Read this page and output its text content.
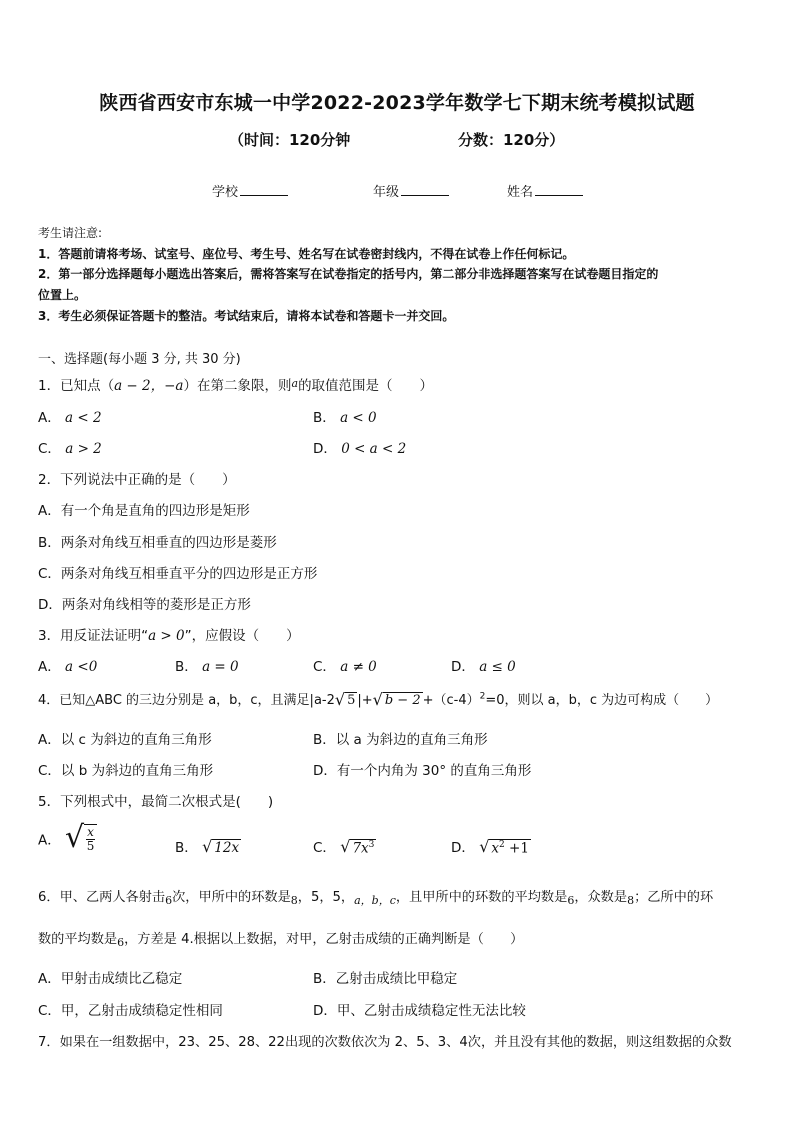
陕西省西安市东城一中学2022-2023学年数学七下期末统考模拟试题
（时间：120分钟	分数：120分）
学校	年级	姓名
考生请注意:
1．答题前请将考场、试室号、座位号、考生号、姓名写在试卷密封线内，不得在试卷上作任何标记。
2．第一部分选择题每小题选出答案后，需将答案写在试卷指定的括号内，第二部分非选择题答案写在试卷题目指定的
位置上。
3．考生必须保证答题卡的整洁。考试结束后，请将本试卷和答题卡一并交回。
一、选择题(每小题 3 分, 共 30 分)
1．已知点（a − 2，−a）在第二象限，则$^a$的取值范围是（　　）
A． a < 2	B． a < 0
C． a > 2	D． 0 < a < 2
2．下列说法中正确的是（　　）
A．有一个角是直角的四边形是矩形
B．两条对角线互相垂直的四边形是菱形
C．两条对角线互相垂直平分的四边形是正方形
D．两条对角线相等的菱形是正方形
3．用反证法证明“a > 0”，应假设（　　）
A． a <0	B． a = 0	C． a ≠ 0	D． a ≤ 0
4．已知△ABC 的三边分别是 a，b，c，且满足|a-2 √ 5 |+ √ $b - 2 +(c-4)^2=0$，则以 a，b，c 为边可构成（　　）
A．以 c 为斜边的直角三角形	B．以 a 为斜边的直角三角形
C．以 b 为斜边的直角三角形	D．有一个内角为 30° 的直角三角形
5．下列根式中，最简二次根式是(　　)
A． √ $\frac{x}{5}$	B． √ 12x	C． √ $7x^3$	D． √ $x^2 +1$
6．甲、乙两人各射击$_6$次，甲所中的环数是$_8$，5，5，$_{a,b,c}$，且甲所中的环数的平均数是$_6$，众数是$_8$；乙所中的环
数的平均数是$_6$，方差是 4.根据以上数据，对甲，乙射击成绩的正确判断是（　　）
A．甲射击成绩比乙稳定	B．乙射击成绩比甲稳定
C．甲，乙射击成绩稳定性相同	D．甲、乙射击成绩稳定性无法比较
7．如果在一组数据中，23、25、28、22出现的次数依次为 2、5、3、4次，并且没有其他的数据，则这组数据的众数
